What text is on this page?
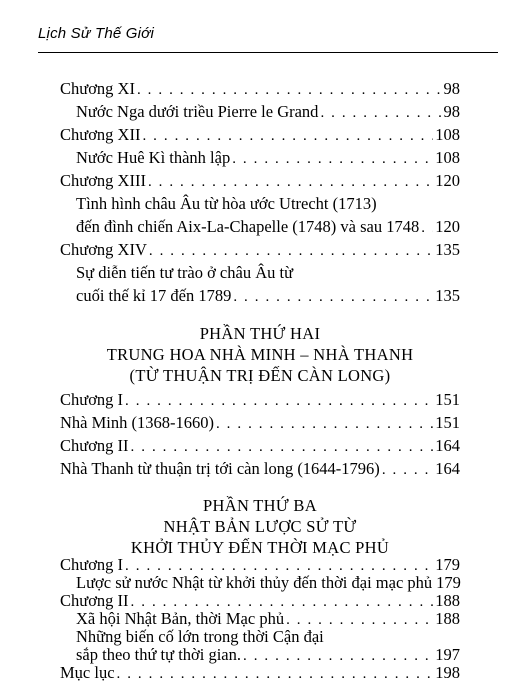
Lịch Sử Thế Giới
Chương XI . . .	98
Nước Nga dưới triều Pierre le Grand . . .	98
Chương XII . . .	108
Nước Huê Kì thành lập . . .	108
Chương XIII . . .	120
Tình hình châu Âu từ hòa ước Utrecht (1713)
đến đình chiến Aix-La-Chapelle (1748) và sau 1748 . . . 120
Chương XIV . . .	135
Sự diễn tiến tư trào ở châu Âu từ
cuối thế kỉ 17 đến 1789 . . .	135
PHẦN THỨ HAI
TRUNG HOA NHÀ MINH – NHÀ THANH
(TỪ THUẬN TRỊ ĐẾN CÀN LONG)
Chương I . . .	151
Nhà Minh (1368-1660) . . .	151
Chương II . . .	164
Nhà Thanh từ thuận trị tới càn long (1644-1796) . . .	164
PHẦN THỨ BA
NHẬT BẢN LƯỢC SỬ TỪ
KHỞI THỦY ĐẾN THỜI MẠC PHỦ
Chương I . . .	179
Lược sử nước Nhật từ khởi thủy đến thời đại mạc phủ 179
Chương II . . .	188
Xã hội Nhật Bản, thời Mạc phủ . . .	188
Những biến cố lớn trong thời Cận đại
sắp theo thứ tự thời gian. . . .	197
Mục lục . . .	198
